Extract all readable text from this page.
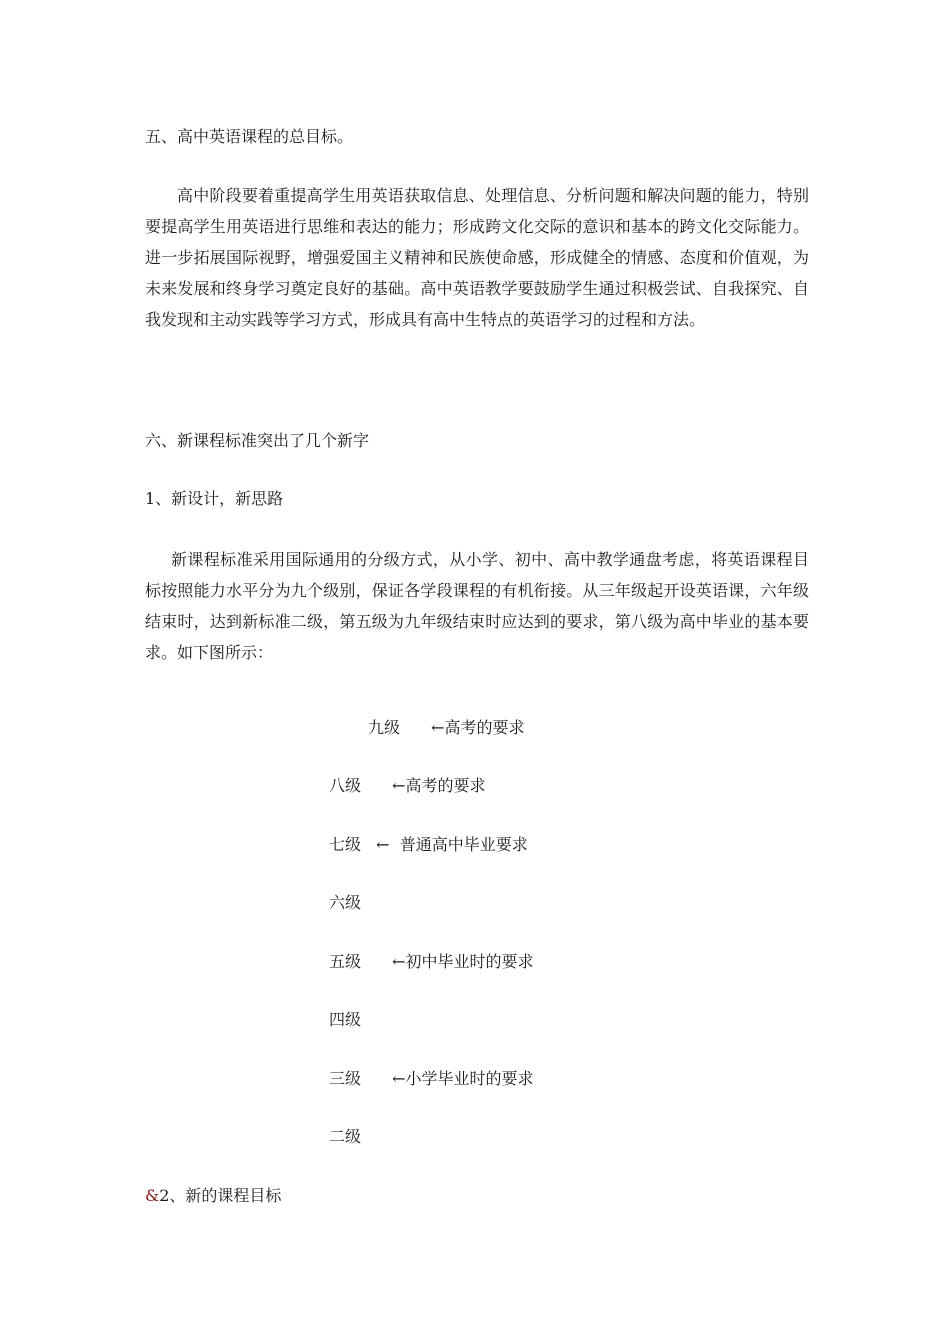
五、高中英语课程的总目标。
高中阶段要着重提高学生用英语获取信息、处理信息、分析问题和解决问题的能力，特别要提高学生用英语进行思维和表达的能力；形成跨文化交际的意识和基本的跨文化交际能力。进一步拓展国际视野，增强爱国主义精神和民族使命感，形成健全的情感、态度和价值观，为未来发展和终身学习奠定良好的基础。高中英语教学要鼓励学生通过积极尝试、自我探究、自我发现和主动实践等学习方式，形成具有高中生特点的英语学习的过程和方法。
六、新课程标准突出了几个新字
1、新设计，新思路
新课程标准采用国际通用的分级方式，从小学、初中、高中教学通盘考虑，将英语课程目标按照能力水平分为九个级别，保证各学段课程的有机衔接。从三年级起开设英语课，六年级结束时，达到新标准二级，第五级为九年级结束时应达到的要求，第八级为高中毕业的基本要求。如下图所示：
九级 ←高考的要求
八级 ←高考的要求
七级 ←  普通高中毕业要求
六级
五级 ←初中毕业时的要求
四级
三级 ←小学毕业时的要求
二级
&2、新的课程目标
